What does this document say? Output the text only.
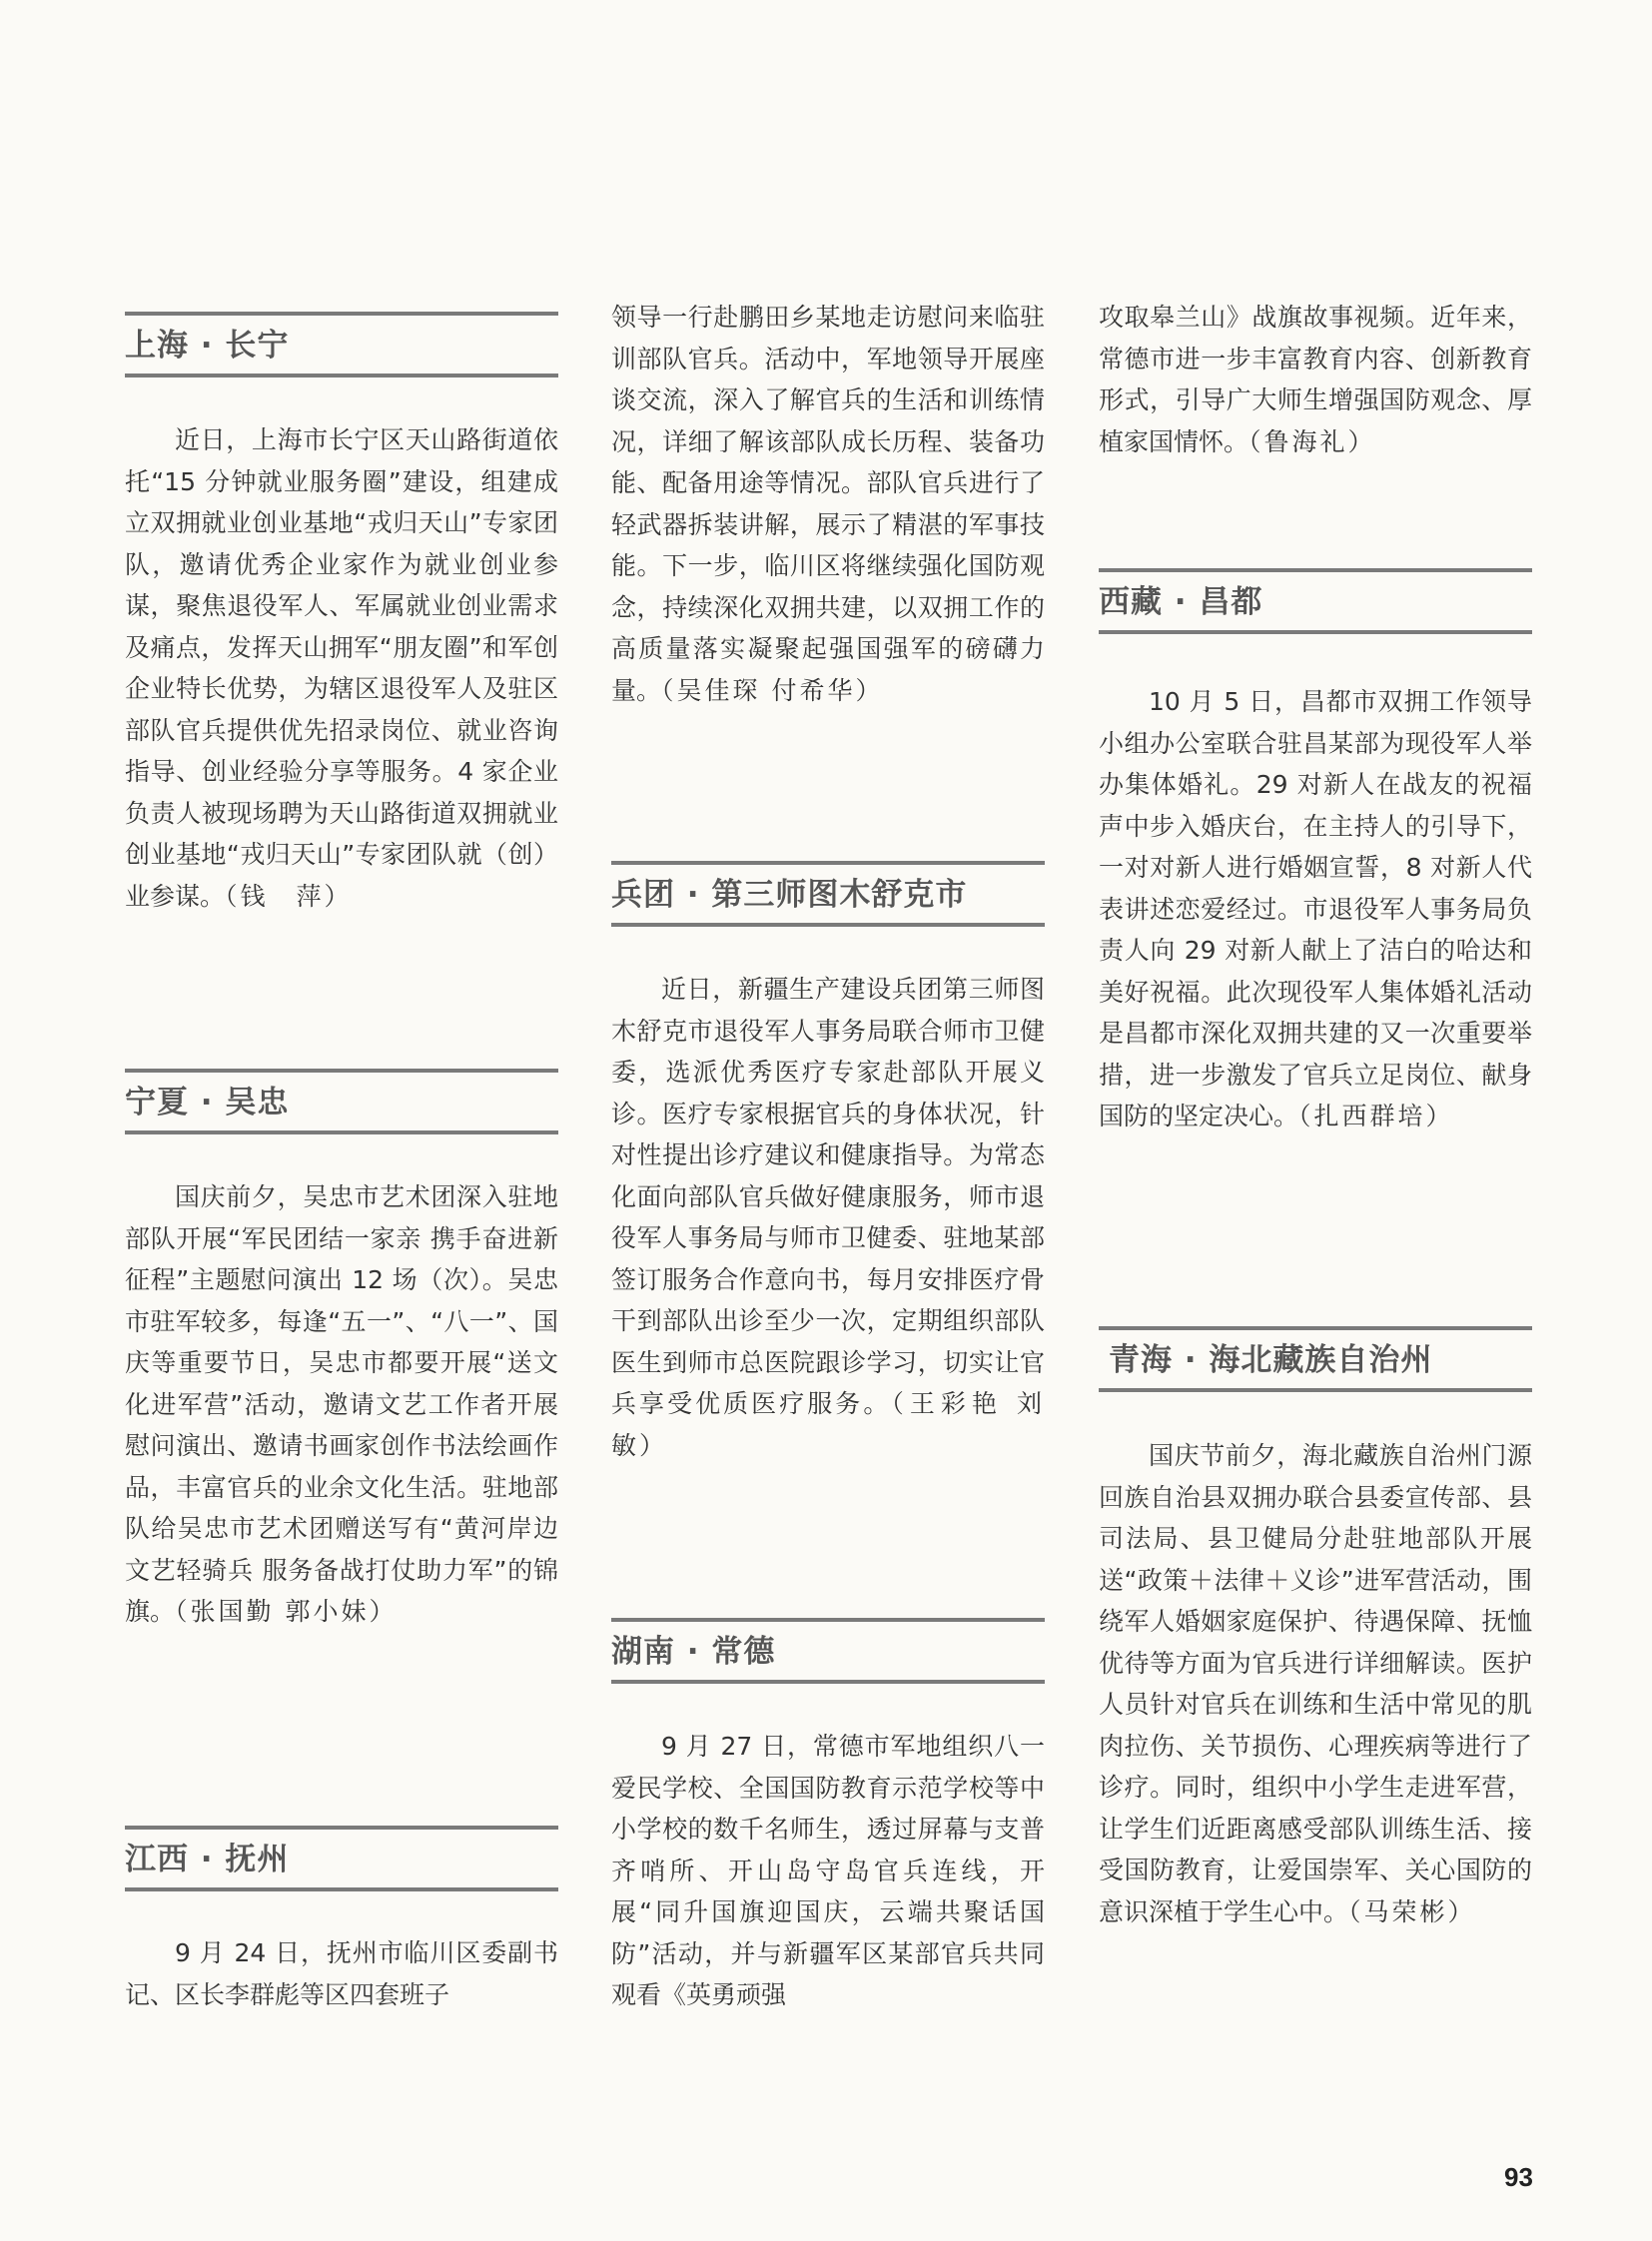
上海 · 长宁

近日，上海市长宁区天山路街道依托“15 分钟就业服务圈”建设，组建成立双拥就业创业基地“戎归天山”专家团队，邀请优秀企业家作为就业创业参谋，聚焦退役军人、军属就业创业需求及痛点，发挥天山拥军“朋友圈”和军创企业特长优势，为辖区退役军人及驻区部队官兵提供优先招录岗位、就业咨询指导、创业经验分享等服务。4 家企业负责人被现场聘为天山路街道双拥就业创业基地“戎归天山”专家团队就（创）业参谋。（钱　萍）

宁夏 · 吴忠

国庆前夕，吴忠市艺术团深入驻地部队开展“军民团结一家亲 携手奋进新征程”主题慰问演出 12 场（次）。吴忠市驻军较多，每逢“五一”、“八一”、国庆等重要节日，吴忠市都要开展“送文化进军营”活动，邀请文艺工作者开展慰问演出、邀请书画家创作书法绘画作品，丰富官兵的业余文化生活。驻地部队给吴忠市艺术团赠送写有“黄河岸边文艺轻骑兵 服务备战打仗助力军”的锦旗。（张国勤 郭小妹）

江西 · 抚州

9 月 24 日，抚州市临川区委副书记、区长李群彪等区四套班子

领导一行赴鹏田乡某地走访慰问来临驻训部队官兵。活动中，军地领导开展座谈交流，深入了解官兵的生活和训练情况，详细了解该部队成长历程、装备功能、配备用途等情况。部队官兵进行了轻武器拆装讲解，展示了精湛的军事技能。下一步，临川区将继续强化国防观念，持续深化双拥共建，以双拥工作的高质量落实凝聚起强国强军的磅礴力量。（吴佳琛 付希华）

兵团 · 第三师图木舒克市

近日，新疆生产建设兵团第三师图木舒克市退役军人事务局联合师市卫健委，选派优秀医疗专家赴部队开展义诊。医疗专家根据官兵的身体状况，针对性提出诊疗建议和健康指导。为常态化面向部队官兵做好健康服务，师市退役军人事务局与师市卫健委、驻地某部签订服务合作意向书，每月安排医疗骨干到部队出诊至少一次，定期组织部队医生到师市总医院跟诊学习，切实让官兵享受优质医疗服务。（王彩艳 刘　敏）

湖南 · 常德

9 月 27 日，常德市军地组织八一爱民学校、全国国防教育示范学校等中小学校的数千名师生，透过屏幕与支普齐哨所、开山岛守岛官兵连线，开展“同升国旗迎国庆，云端共聚话国防”活动，并与新疆军区某部官兵共同观看《英勇顽强

攻取皋兰山》战旗故事视频。近年来，常德市进一步丰富教育内容、创新教育形式，引导广大师生增强国防观念、厚植家国情怀。（鲁海礼）

西藏 · 昌都

10 月 5 日，昌都市双拥工作领导小组办公室联合驻昌某部为现役军人举办集体婚礼。29 对新人在战友的祝福声中步入婚庆台，在主持人的引导下，一对对新人进行婚姻宣誓，8 对新人代表讲述恋爱经过。市退役军人事务局负责人向 29 对新人献上了洁白的哈达和美好祝福。此次现役军人集体婚礼活动是昌都市深化双拥共建的又一次重要举措，进一步激发了官兵立足岗位、献身国防的坚定决心。（扎西群培）

青海 · 海北藏族自治州

国庆节前夕，海北藏族自治州门源回族自治县双拥办联合县委宣传部、县司法局、县卫健局分赴驻地部队开展送“政策＋法律＋义诊”进军营活动，围绕军人婚姻家庭保护、待遇保障、抚恤优待等方面为官兵进行详细解读。医护人员针对官兵在训练和生活中常见的肌肉拉伤、关节损伤、心理疾病等进行了诊疗。同时，组织中小学生走进军营，让学生们近距离感受部队训练生活、接受国防教育，让爱国崇军、关心国防的意识深植于学生心中。（马荣彬）

93
